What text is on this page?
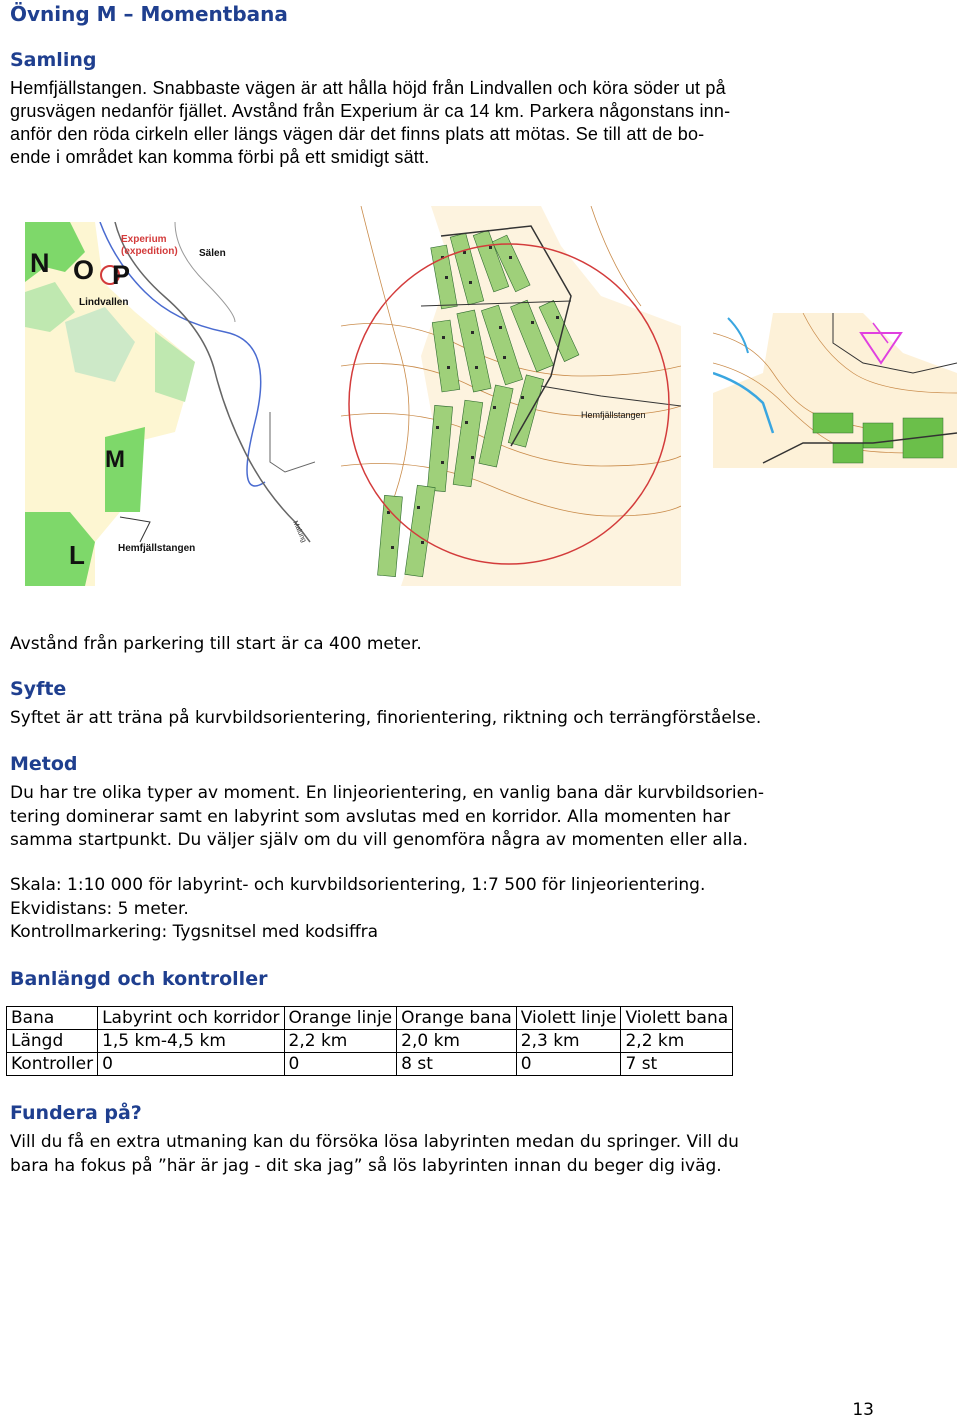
Övning M – Momentbana
Samling
Hemfjällstangen. Snabbaste vägen är att hålla höjd från Lindvallen och köra söder ut på
grusvägen nedanför fjället. Avstånd från Experium är ca 14 km. Parkera någonstans inn-
anför den röda cirkeln eller längs vägen där det finns plats att mötas. Se till att de bo-
ende i området kan komma förbi på ett smidigt sätt.
N O P
M
L
Experium
(expedition) Sälen
Lindvallen
Hemfjällstangen
Malung
Hemfjällstangen

Avstånd från parkering till start är ca 400 meter.

Syfte

Syftet är att träna på kurvbildsorientering, finorientering, riktning och terrängförståelse.

Metod
Du har tre olika typer av moment. En linjeorientering, en vanlig bana där kurvbildsorien-
tering dominerar samt en labyrint som avslutas med en korridor. Alla momenten har
samma startpunkt. Du väljer själv om du vill genomföra några av momenten eller alla.
Skala: 1:10 000 för labyrint- och kurvbildsorientering, 1:7 500 för linjeorientering.
Ekvidistans: 5 meter.
Kontrollmarkering: Tygsnitsel med kodsiffra
Banlängd och kontroller
Bana	Labyrint och korridor	Orange linje	Orange bana	Violett linje	Violett bana
Längd	1,5 km-4,5 km	2,2 km	2,0 km	2,3 km	2,2 km
Kontroller	0	0	8 st	0	7 st
Fundera på?
Vill du få en extra utmaning kan du försöka lösa labyrinten medan du springer. Vill du
bara ha fokus på ”här är jag - dit ska jag” så lös labyrinten innan du beger dig iväg.
13
